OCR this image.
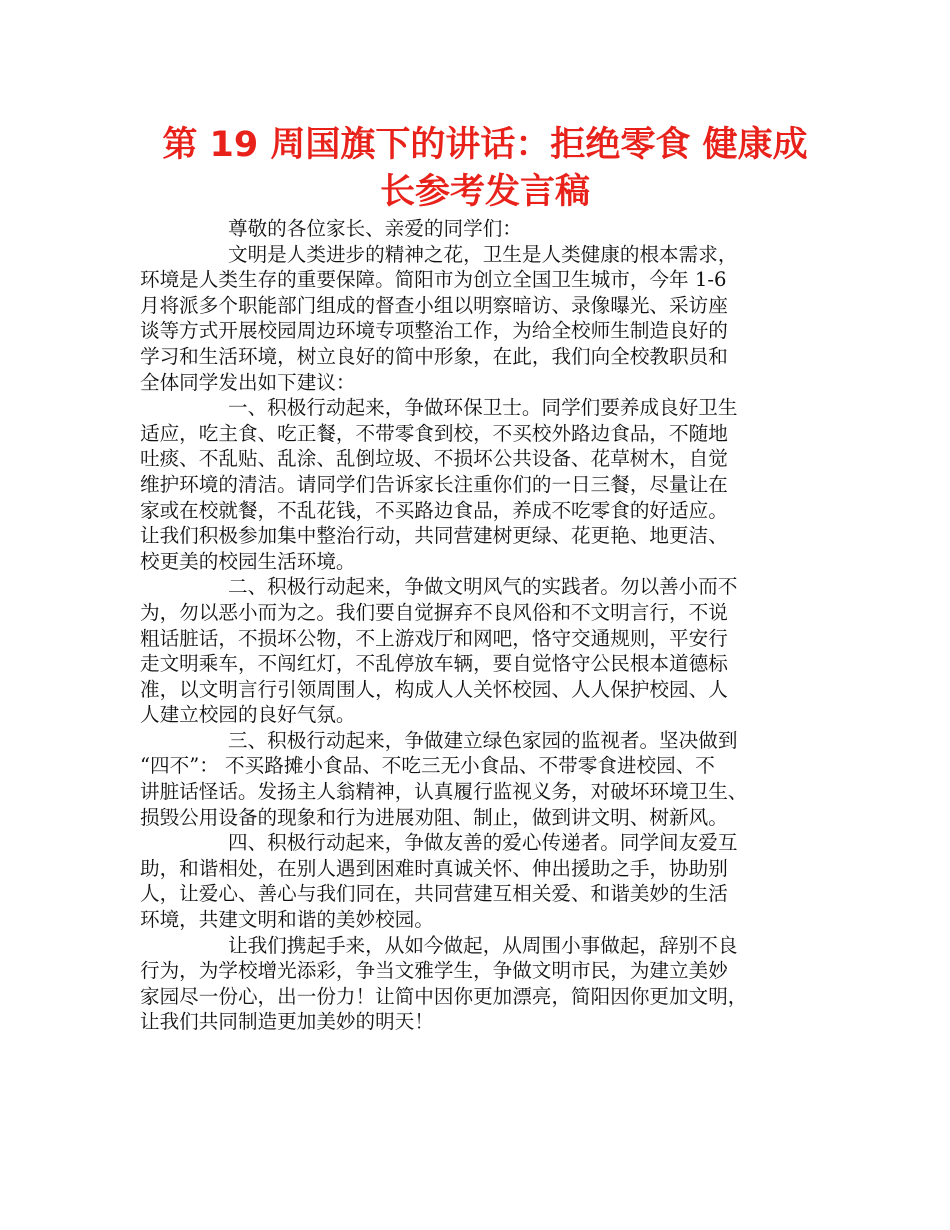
第 19 周国旗下的讲话：拒绝零食 健康成
长参考发言稿
尊敬的各位家长、亲爱的同学们：
文明是人类进步的精神之花，卫生是人类健康的根本需求，
环境是人类生存的重要保障。简阳市为创立全国卫生城市，今年 1-6
月将派多个职能部门组成的督查小组以明察暗访、录像曝光、采访座
谈等方式开展校园周边环境专项整治工作，为给全校师生制造良好的
学习和生活环境，树立良好的简中形象，在此，我们向全校教职员和
全体同学发出如下建议：
一、积极行动起来，争做环保卫士。同学们要养成良好卫生
适应，吃主食、吃正餐，不带零食到校，不买校外路边食品，不随地
吐痰、不乱贴、乱涂、乱倒垃圾、不损坏公共设备、花草树木，自觉
维护环境的清洁。请同学们告诉家长注重你们的一日三餐，尽量让在
家或在校就餐，不乱花钱，不买路边食品，养成不吃零食的好适应。
让我们积极参加集中整治行动，共同营建树更绿、花更艳、地更洁、
校更美的校园生活环境。
二、积极行动起来，争做文明风气的实践者。勿以善小而不
为，勿以恶小而为之。我们要自觉摒弃不良风俗和不文明言行，不说
粗话脏话，不损坏公物，不上游戏厅和网吧，恪守交通规则，平安行
走文明乘车，不闯红灯，不乱停放车辆，要自觉恪守公民根本道德标
准，以文明言行引领周围人，构成人人关怀校园、人人保护校园、人
人建立校园的良好气氛。
三、积极行动起来，争做建立绿色家园的监视者。坚决做到
“四不”： 不买路摊小食品、不吃三无小食品、不带零食进校园、不
讲脏话怪话。发扬主人翁精神，认真履行监视义务，对破坏环境卫生、
损毁公用设备的现象和行为进展劝阻、制止，做到讲文明、树新风。
四、积极行动起来，争做友善的爱心传递者。同学间友爱互
助，和谐相处，在别人遇到困难时真诚关怀、伸出援助之手，协助别
人，让爱心、善心与我们同在，共同营建互相关爱、和谐美妙的生活
环境，共建文明和谐的美妙校园。
让我们携起手来，从如今做起，从周围小事做起，辞别不良
行为，为学校增光添彩，争当文雅学生，争做文明市民，为建立美妙
家园尽一份心，出一份力！让简中因你更加漂亮，简阳因你更加文明，
让我们共同制造更加美妙的明天！
